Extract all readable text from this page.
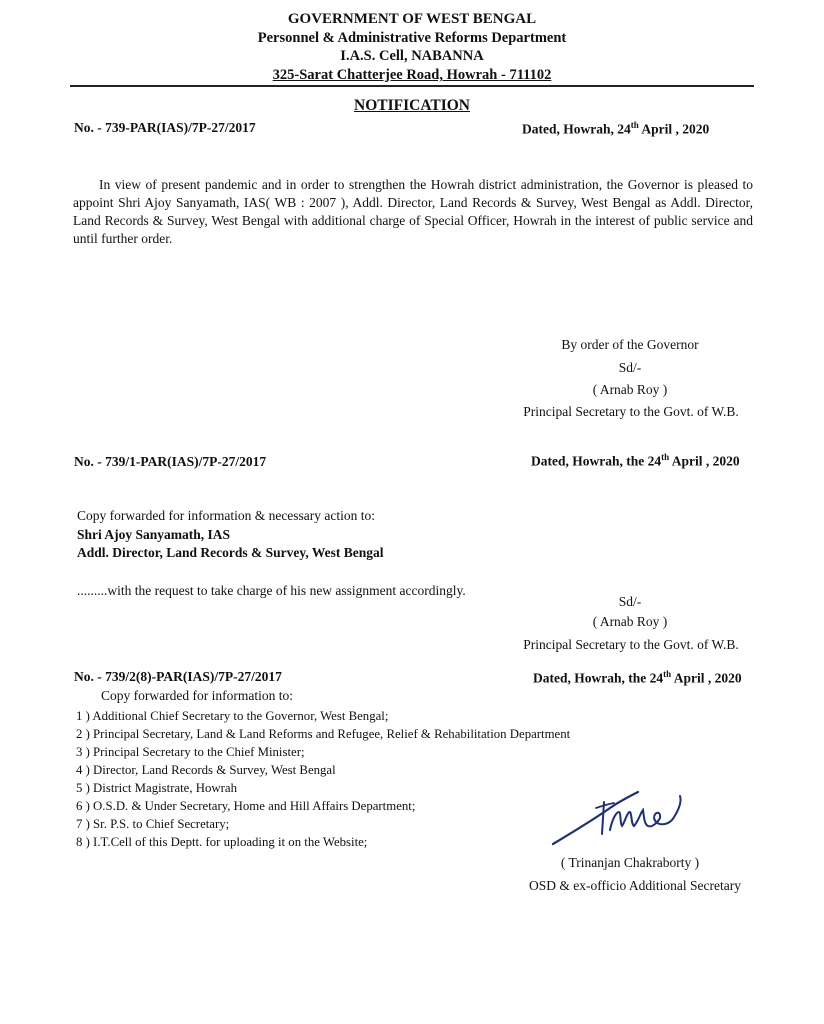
GOVERNMENT OF WEST BENGAL
Personnel & Administrative Reforms Department
I.A.S. Cell, NABANNA
325-Sarat Chatterjee Road, Howrah - 711102
NOTIFICATION
No. - 739-PAR(IAS)/7P-27/2017	Dated, Howrah, 24th April , 2020
In view of present pandemic and in order to strengthen the Howrah district administration, the Governor is pleased to appoint Shri Ajoy Sanyamath, IAS( WB : 2007 ), Addl. Director, Land Records & Survey, West Bengal as Addl. Director, Land Records & Survey, West Bengal with additional charge of Special Officer, Howrah in the interest of public service and until further order.
By order of the Governor
Sd/-
( Arnab Roy )
Principal Secretary to the Govt. of W.B.
No. - 739/1-PAR(IAS)/7P-27/2017	Dated, Howrah, the 24th April , 2020
Copy forwarded for information & necessary action to:
Shri Ajoy Sanyamath, IAS
Addl. Director, Land Records & Survey, West Bengal
.........with the request to take charge of his new assignment accordingly.
Sd/-
( Arnab Roy )
Principal Secretary to the Govt. of W.B.
No. - 739/2(8)-PAR(IAS)/7P-27/2017	Dated, Howrah, the 24th April , 2020
Copy forwarded for information to:
1 ) Additional Chief Secretary to the Governor, West Bengal;
2 ) Principal Secretary, Land & Land Reforms and Refugee, Relief & Rehabilitation Department
3 ) Principal Secretary to the Chief Minister;
4 ) Director, Land Records & Survey, West Bengal
5 ) District Magistrate, Howrah
6 ) O.S.D. & Under Secretary, Home and Hill Affairs Department;
7 ) Sr. P.S. to Chief Secretary;
8 ) I.T.Cell of this Deptt. for uploading it on the Website;
( Trinanjan Chakraborty )
OSD & ex-officio Additional Secretary
